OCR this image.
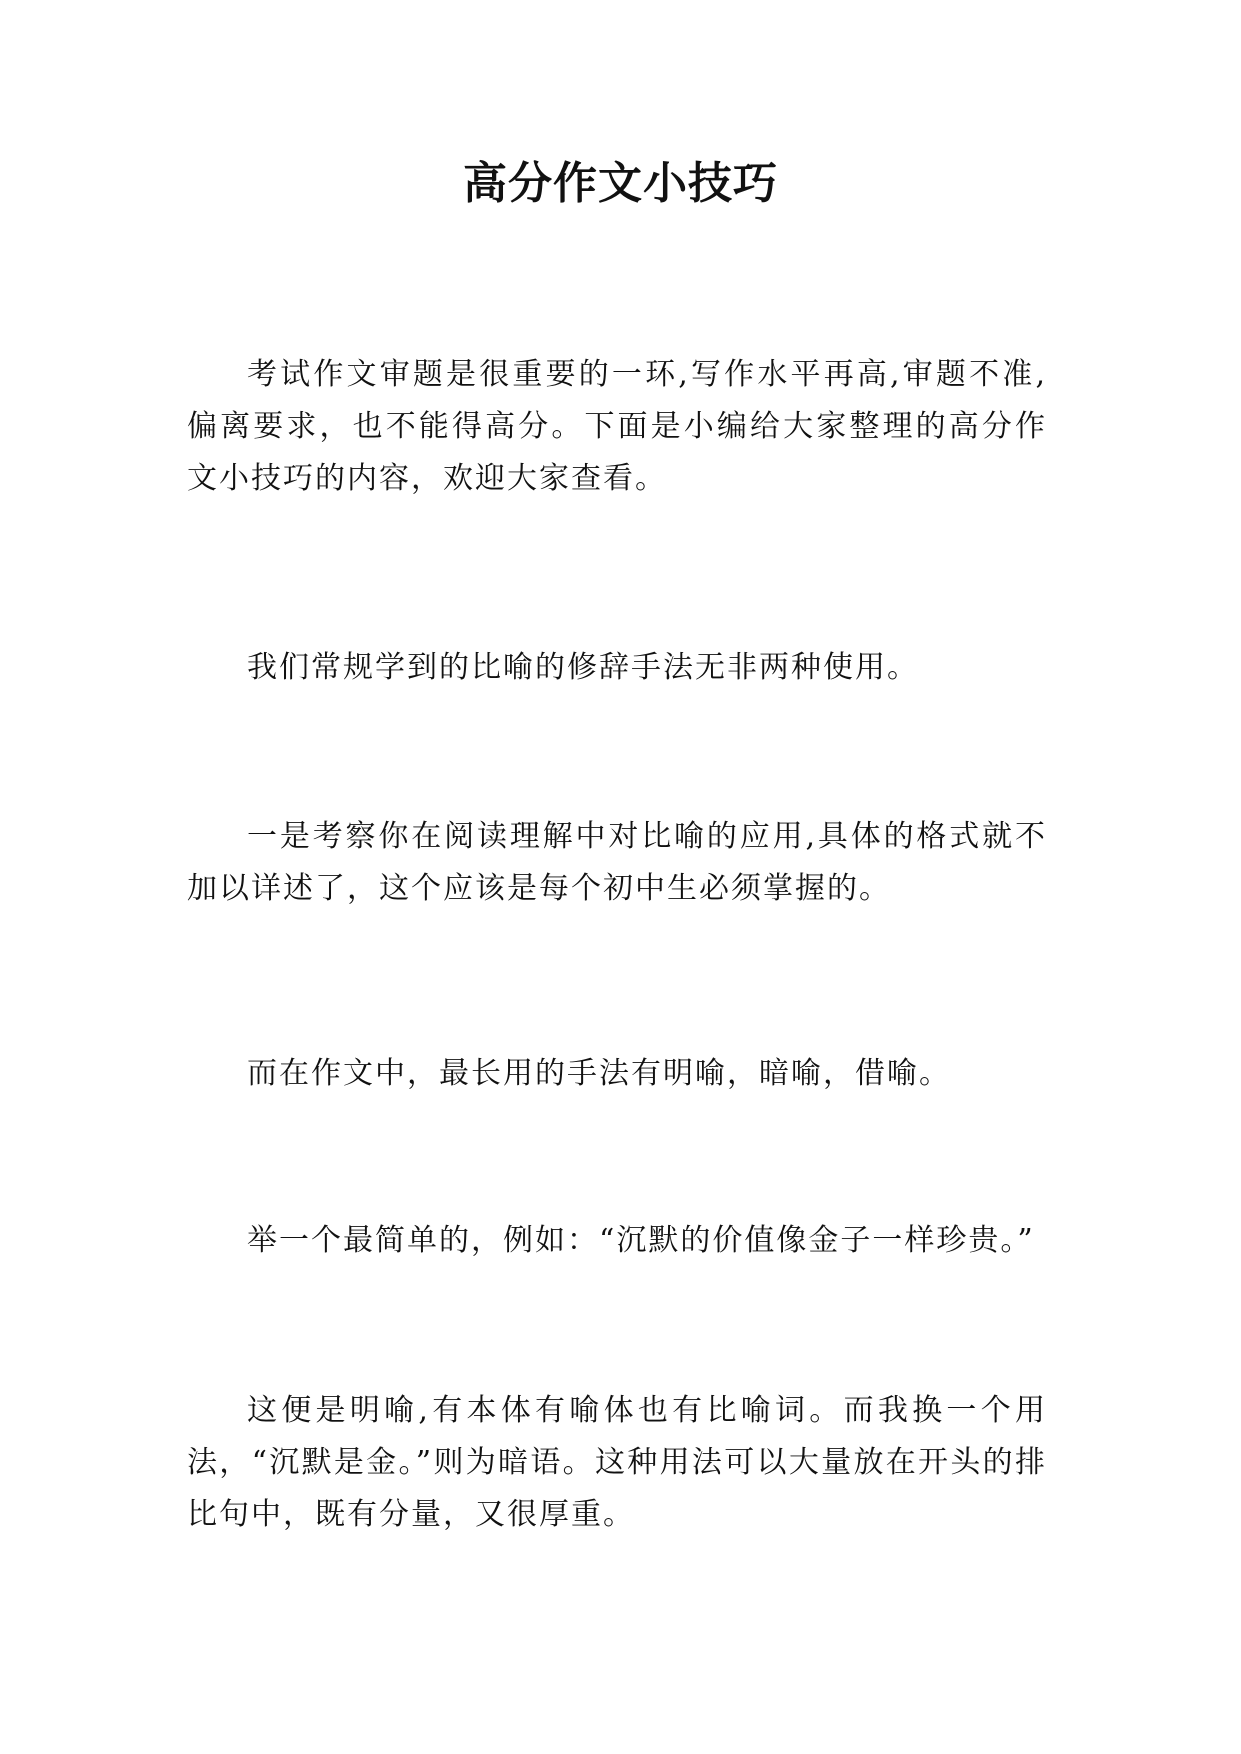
高分作文小技巧

考试作文审题是很重要的一环,写作水平再高,审题不准,偏离要求，也不能得高分。下面是小编给大家整理的高分作文小技巧的内容，欢迎大家查看。

我们常规学到的比喻的修辞手法无非两种使用。

一是考察你在阅读理解中对比喻的应用,具体的格式就不加以详述了，这个应该是每个初中生必须掌握的。

而在作文中，最长用的手法有明喻，暗喻，借喻。

举一个最简单的，例如：“沉默的价值像金子一样珍贵。”

这便是明喻,有本体有喻体也有比喻词。而我换一个用法，“沉默是金。”则为暗语。这种用法可以大量放在开头的排比句中，既有分量，又很厚重。
